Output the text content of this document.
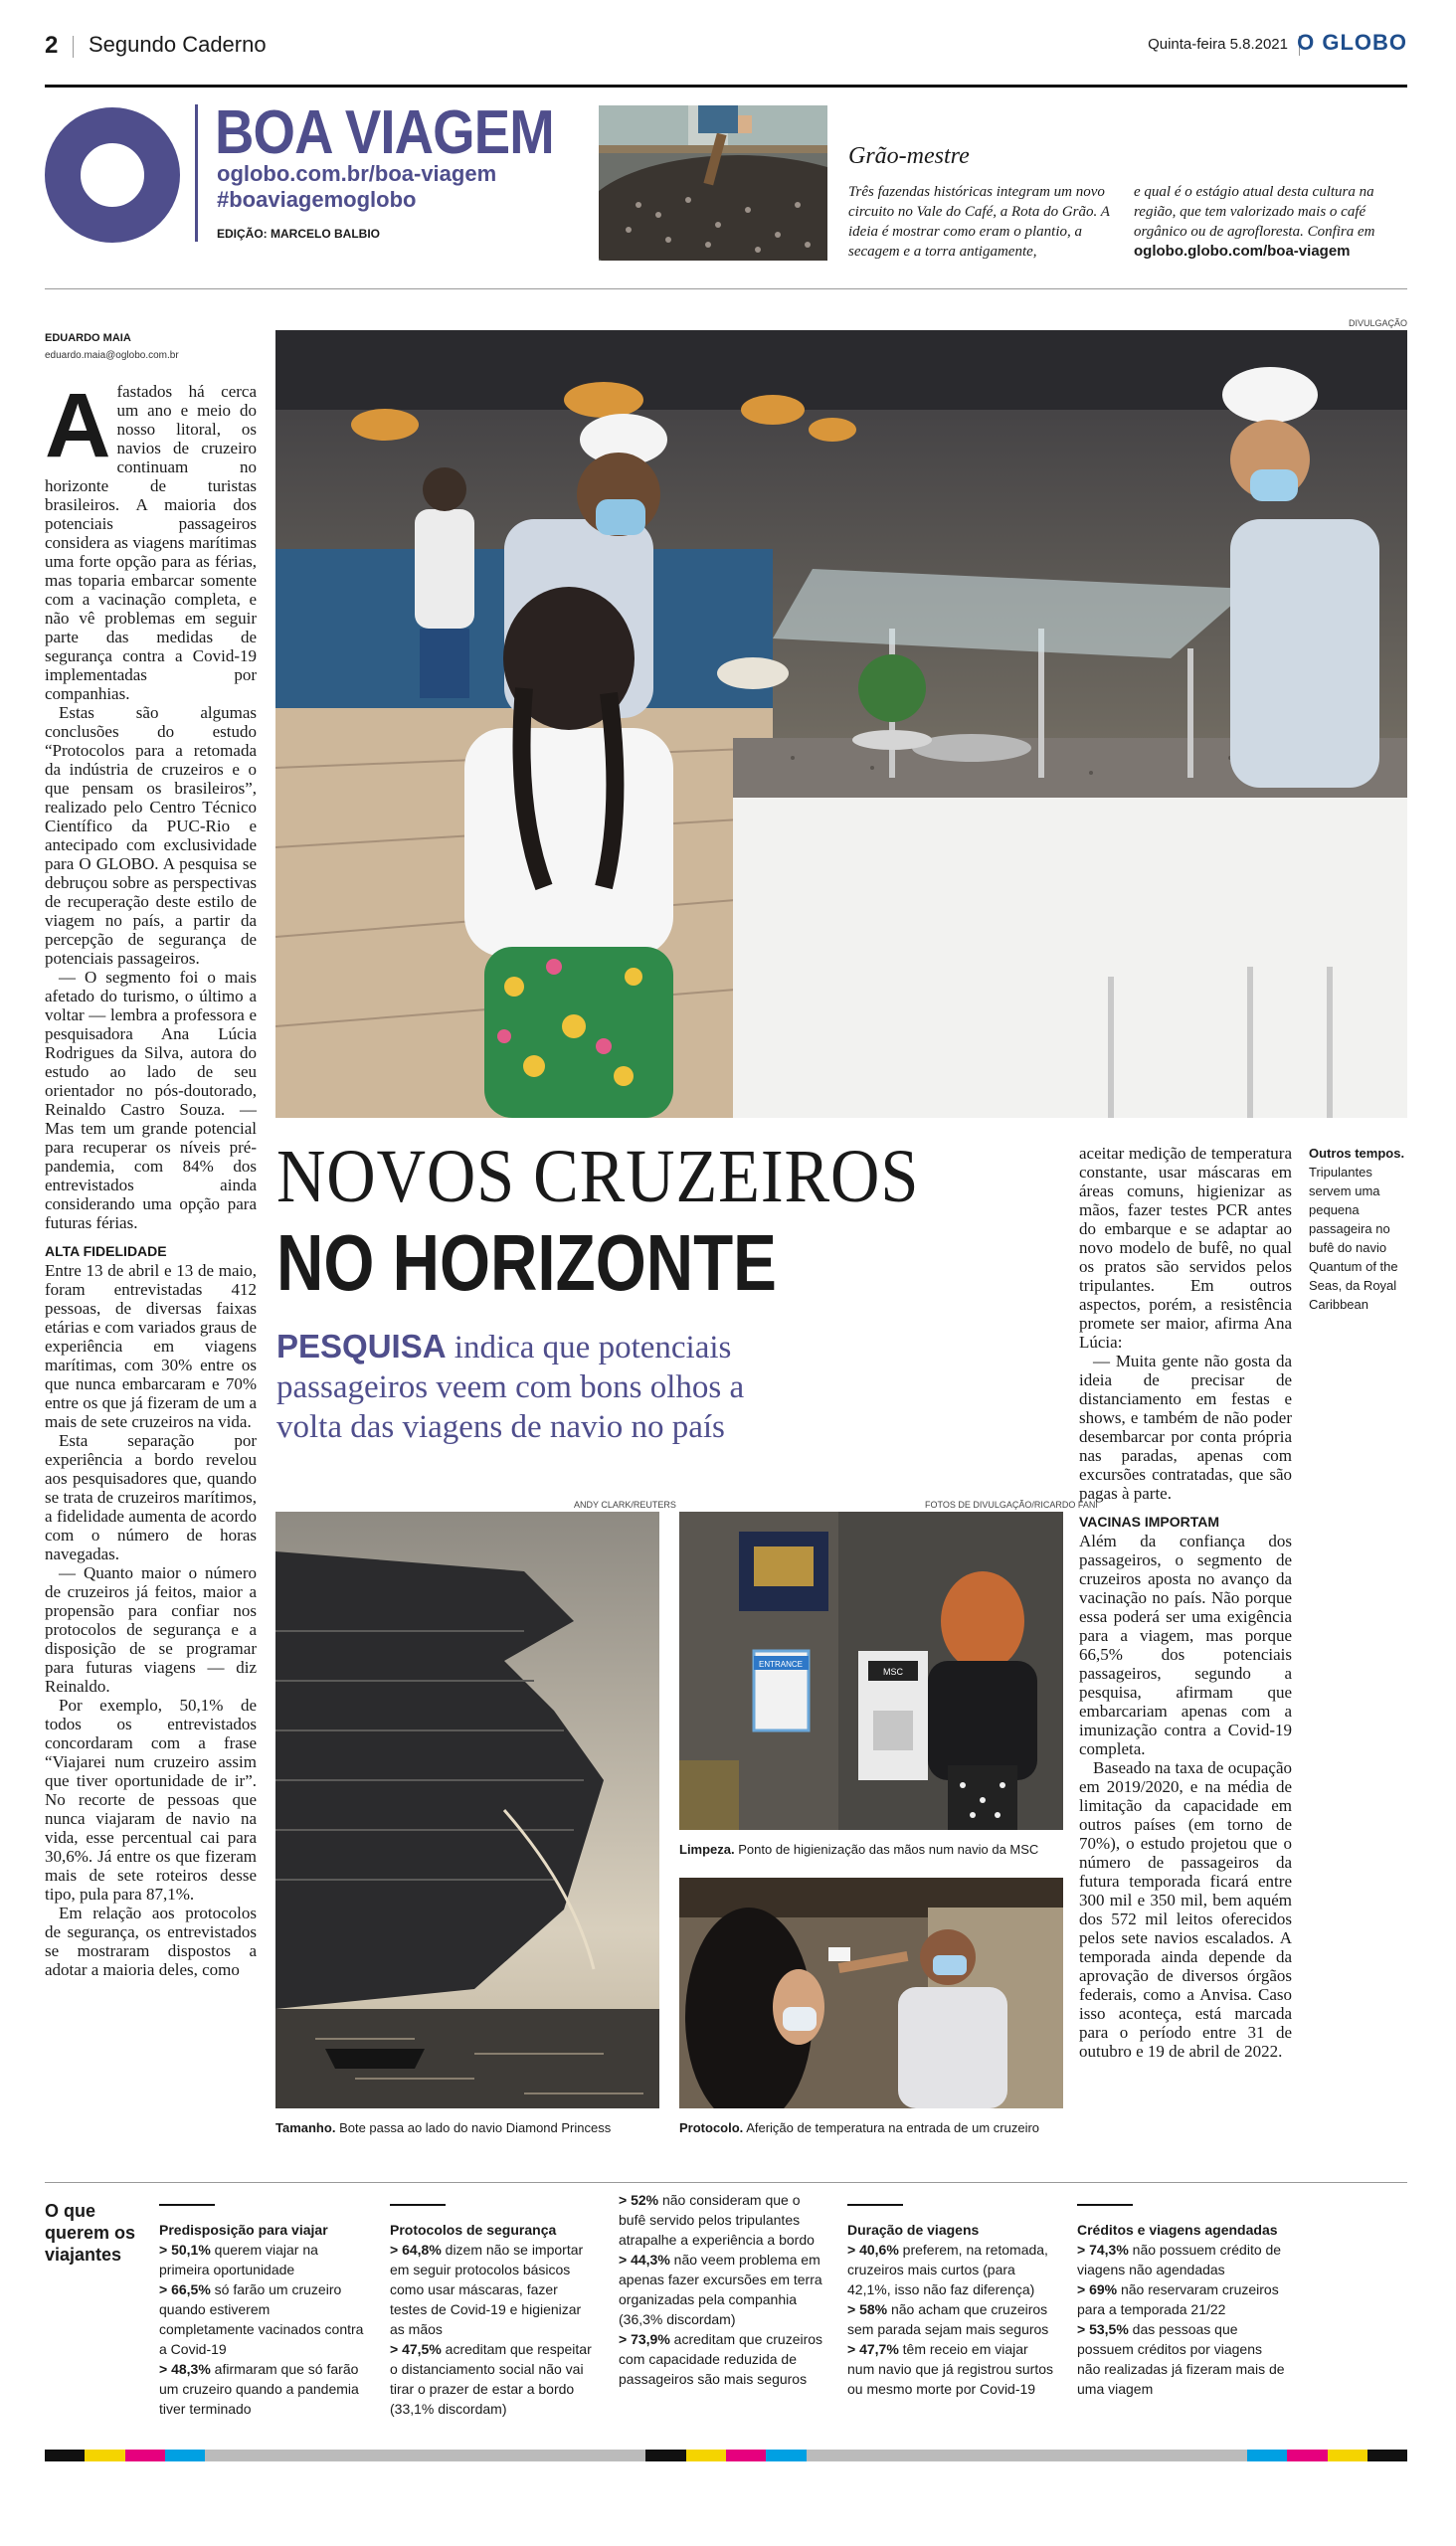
2 Segundo Caderno	Quinta-feira 5.8.2021 O GLOBO
BOA VIAGEM
oglobo.com.br/boa-viagem
#boaviagemoglobo
EDIÇÃO: MARCELO BALBIO
Grão-mestre
Três fazendas históricas integram um novo circuito no Vale do Café, a Rota do Grão. A ideia é mostrar como eram o plantio, a secagem e a torra antigamente,
e qual é o estágio atual desta cultura na região, que tem valorizado mais o café orgânico ou de agrofloresta. Confira em oglobo.globo.com/boa-viagem
EDUARDO MAIA
eduardo.maia@oglobo.com.br

Afastados há cerca um ano e meio do nosso litoral, os navios de cruzeiro continuam no horizonte de turistas brasileiros. A maioria dos potenciais passageiros considera as viagens marítimas uma forte opção para as férias, mas toparia embarcar somente com a vacinação completa, e não vê problemas em seguir parte das medidas de segurança contra a Covid-19 implementadas por companhias.

Estas são algumas conclusões do estudo “Protocolos para a retomada da indústria de cruzeiros e o que pensam os brasileiros”, realizado pelo Centro Técnico Científico da PUC-Rio e antecipado com exclusividade para O GLOBO. A pesquisa se debruçou sobre as perspectivas de recuperação deste estilo de viagem no país, a partir da percepção de segurança de potenciais passageiros.

— O segmento foi o mais afetado do turismo, o último a voltar — lembra a professora e pesquisadora Ana Lúcia Rodrigues da Silva, autora do estudo ao lado de seu orientador no pós-doutorado, Reinaldo Castro Souza. — Mas tem um grande potencial para recuperar os níveis pré-pandemia, com 84% dos entrevistados ainda considerando uma opção para futuras férias.

ALTA FIDELIDADE

Entre 13 de abril e 13 de maio, foram entrevistadas 412 pessoas, de diversas faixas etárias e com variados graus de experiência em viagens marítimas, com 30% entre os que nunca embarcaram e 70% entre os que já fizeram de um a mais de sete cruzeiros na vida.

Esta separação por experiência a bordo revelou aos pesquisadores que, quando se trata de cruzeiros marítimos, a fidelidade aumenta de acordo com o número de horas navegadas.

— Quanto maior o número de cruzeiros já feitos, maior a propensão para confiar nos protocolos de segurança e a disposição de se programar para futuras viagens — diz Reinaldo.

Por exemplo, 50,1% de todos os entrevistados concordaram com a frase “Viajarei num cruzeiro assim que tiver oportunidade de ir”. No recorte de pessoas que nunca viajaram de navio na vida, esse percentual cai para 30,6%. Já entre os que fizeram mais de sete roteiros desse tipo, pula para 87,1%.

Em relação aos protocolos de segurança, os entrevistados se mostraram dispostos a adotar a maioria deles, como

DIVULGAÇÃO
NOVOS CRUZEIROS
NO HORIZONTE
PESQUISA indica que potenciais passageiros veem com bons olhos a volta das viagens de navio no país

aceitar medição de temperatura constante, usar máscaras em áreas comuns, higienizar as mãos, fazer testes PCR antes do embarque e se adaptar ao novo modelo de bufê, no qual os pratos são servidos pelos tripulantes. Em outros aspectos, porém, a resistência promete ser maior, afirma Ana Lúcia:

— Muita gente não gosta da ideia de precisar de distanciamento em festas e shows, e também de não poder desembarcar por conta própria nas paradas, apenas com excursões contratadas, que são pagas à parte.

VACINAS IMPORTAM

Além da confiança dos passageiros, o segmento de cruzeiros aposta no avanço da vacinação no país. Não porque essa poderá ser uma exigência para a viagem, mas porque 66,5% dos potenciais passageiros, segundo a pesquisa, afirmam que embarcariam apenas com a imunização contra a Covid-19 completa.

Baseado na taxa de ocupação em 2019/2020, e na média de limitação da capacidade em outros países (em torno de 70%), o estudo projetou que o número de passageiros da futura temporada ficará entre 300 mil e 350 mil, bem aquém dos 572 mil leitos oferecidos pelos sete navios escalados. A temporada ainda depende da aprovação de diversos órgãos federais, como a Anvisa. Caso isso aconteça, está marcada para o período entre 31 de outubro e 19 de abril de 2022.

Outros tempos.
Tripulantes servem uma pequena passageira no bufê do navio Quantum of the Seas, da Royal Caribbean
ANDY CLARK/REUTERS
Tamanho. Bote passa ao lado do navio Diamond Princess
FOTOS DE DIVULGAÇÃO/RICARDO FANI
ENTRANCE
MSC
Limpeza. Ponto de higienização das mãos num navio da MSC
Protocolo. Aferição de temperatura na entrada de um cruzeiro
O que querem os viajantes
Predisposição para viajar
> 50,1% querem viajar na primeira oportunidade
> 66,5% só farão um cruzeiro quando estiverem completamente vacinados contra a Covid-19
> 48,3% afirmaram que só farão um cruzeiro quando a pandemia tiver terminado
Protocolos de segurança
> 64,8% dizem não se importar em seguir protocolos básicos como usar máscaras, fazer testes de Covid-19 e higienizar as mãos
> 47,5% acreditam que respeitar o distanciamento social não vai tirar o prazer de estar a bordo (33,1% discordam)
> 52% não consideram que o bufê servido pelos tripulantes atrapalhe a experiência a bordo
> 44,3% não veem problema em apenas fazer excursões em terra organizadas pela companhia (36,3% discordam)
> 73,9% acreditam que cruzeiros com capacidade reduzida de passageiros são mais seguros
Duração de viagens
> 40,6% preferem, na retomada, cruzeiros mais curtos (para 42,1%, isso não faz diferença)
> 58% não acham que cruzeiros sem parada sejam mais seguros
> 47,7% têm receio em viajar num navio que já registrou surtos ou mesmo morte por Covid-19
Créditos e viagens agendadas
> 74,3% não possuem crédito de viagens não agendadas
> 69% não reservaram cruzeiros para a temporada 21/22
> 53,5% das pessoas que possuem créditos por viagens não realizadas já fizeram mais de uma viagem
